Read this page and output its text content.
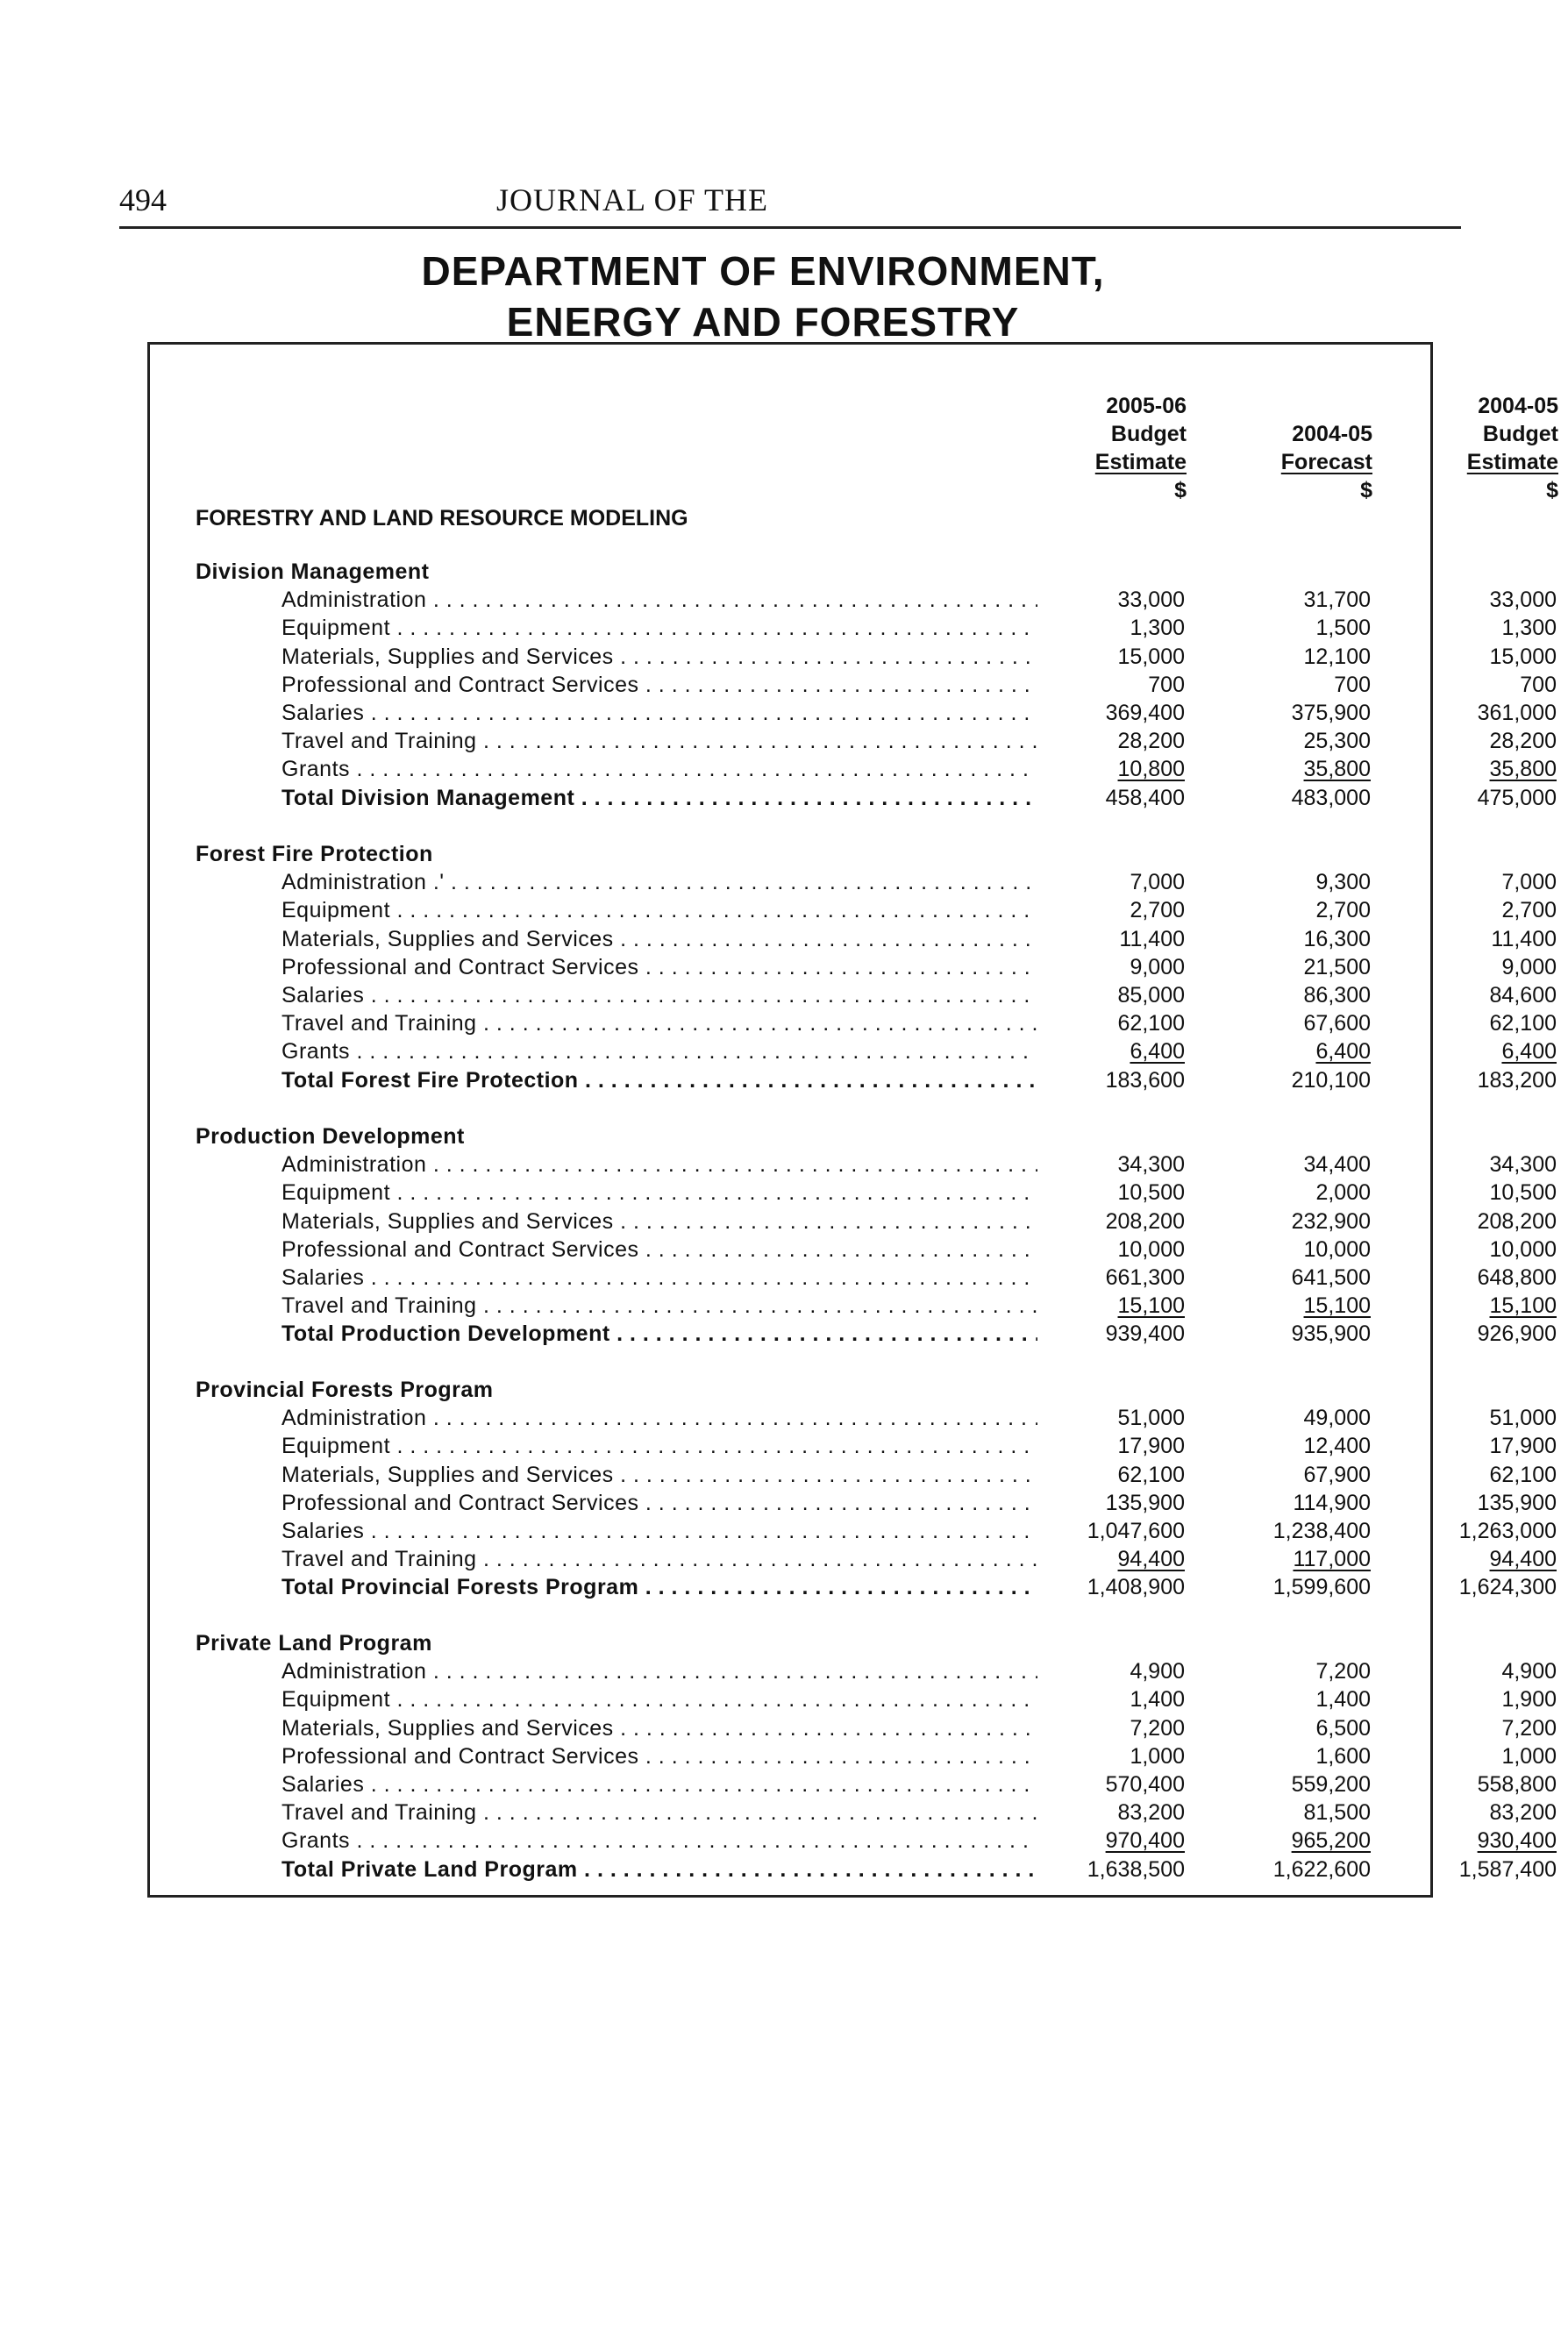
494	JOURNAL OF THE
DEPARTMENT OF ENVIRONMENT,
ENERGY AND FORESTRY
2005-06
Budget
Estimate
$

2004-05
Forecast
$
2004-05
Budget
Estimate
$
FORESTRY AND LAND RESOURCE MODELING
Division Management
Administration . . .	33,000	31,700	33,000
Equipment . . .	1,300	1,500	1,300
Materials, Supplies and Services . . .	15,000	12,100	15,000
Professional and Contract Services . . .	700	700	700
Salaries . . .	369,400	375,900	361,000
Travel and Training . . .	28,200	25,300	28,200
Grants . . .	10,800	35,800	35,800
Total Division Management . . .	458,400	483,000	475,000
Forest Fire Protection
Administration .' . . .	7,000	9,300	7,000
Equipment . . .	2,700	2,700	2,700
Materials, Supplies and Services . . .	11,400	16,300	11,400
Professional and Contract Services . . .	9,000	21,500	9,000
Salaries . . .	85,000	86,300	84,600
Travel and Training . . .	62,100	67,600	62,100
Grants . . .	6,400	6,400	6,400
Total Forest Fire Protection . . .	183,600	210,100	183,200
Production Development
Administration . . .	34,300	34,400	34,300
Equipment . . .	10,500	2,000	10,500
Materials, Supplies and Services . . .	208,200	232,900	208,200
Professional and Contract Services . . .	10,000	10,000	10,000
Salaries . . .	661,300	641,500	648,800
Travel and Training . . .	15,100	15,100	15,100
Total Production Development . . .	939,400	935,900	926,900
Provincial Forests Program
Administration . . .	51,000	49,000	51,000
Equipment . . .	17,900	12,400	17,900
Materials, Supplies and Services . . .	62,100	67,900	62,100
Professional and Contract Services . . .	135,900	114,900	135,900
Salaries . . .	1,047,600	1,238,400	1,263,000
Travel and Training . . .	94,400	117,000	94,400
Total Provincial Forests Program . . .	1,408,900	1,599,600	1,624,300
Private Land Program
Administration . . .	4,900	7,200	4,900
Equipment . . .	1,400	1,400	1,900
Materials, Supplies and Services . . .	7,200	6,500	7,200
Professional and Contract Services . . .	1,000	1,600	1,000
Salaries . . .	570,400	559,200	558,800
Travel and Training . . .	83,200	81,500	83,200
Grants . . .	970,400	965,200	930,400
Total Private Land Program . . .	1,638,500	1,622,600	1,587,400
